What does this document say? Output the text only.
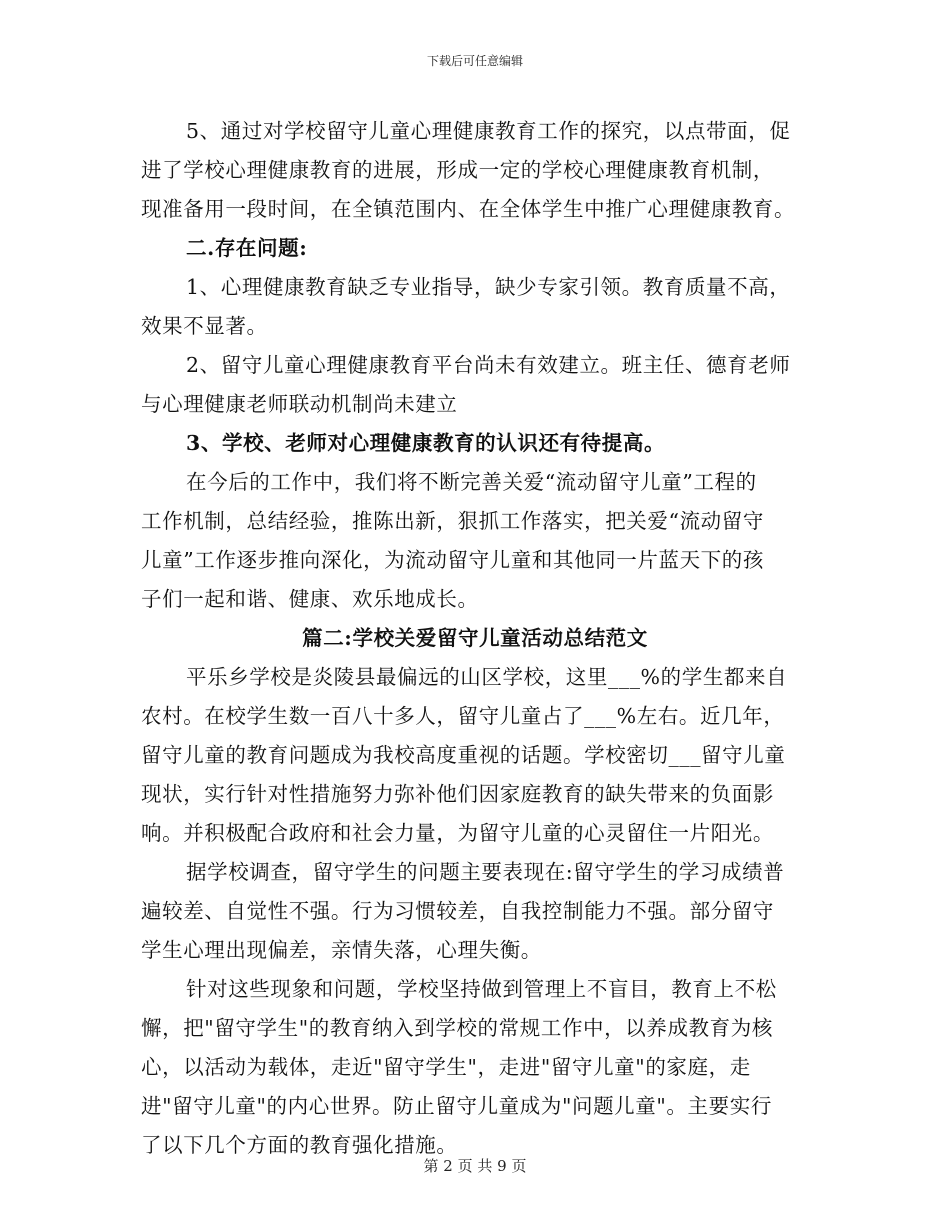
下载后可任意编辑
5、通过对学校留守儿童心理健康教育工作的探究，以点带面，促
进了学校心理健康教育的进展，形成一定的学校心理健康教育机制，
现准备用一段时间，在全镇范围内、在全体学生中推广心理健康教育。
二.存在问题:
1、心理健康教育缺乏专业指导，缺少专家引领。教育质量不高，
效果不显著。
2、留守儿童心理健康教育平台尚未有效建立。班主任、德育老师
与心理健康老师联动机制尚未建立
3、学校、老师对心理健康教育的认识还有待提高。
在今后的工作中，我们将不断完善关爱“流动留守儿童”工程的
工作机制，总结经验，推陈出新，狠抓工作落实，把关爱“流动留守
儿童”工作逐步推向深化，为流动留守儿童和其他同一片蓝天下的孩
子们一起和谐、健康、欢乐地成长。
篇二:学校关爱留守儿童活动总结范文
平乐乡学校是炎陵县最偏远的山区学校，这里___%的学生都来自
农村。在校学生数一百八十多人，留守儿童占了___%左右。近几年，
留守儿童的教育问题成为我校高度重视的话题。学校密切___留守儿童
现状，实行针对性措施努力弥补他们因家庭教育的缺失带来的负面影
响。并积极配合政府和社会力量，为留守儿童的心灵留住一片阳光。
据学校调查，留守学生的问题主要表现在:留守学生的学习成绩普
遍较差、自觉性不强。行为习惯较差，自我控制能力不强。部分留守
学生心理出现偏差，亲情失落，心理失衡。
针对这些现象和问题，学校坚持做到管理上不盲目，教育上不松
懈，把"留守学生"的教育纳入到学校的常规工作中，以养成教育为核
心，以活动为载体，走近"留守学生"，走进"留守儿童"的家庭，走
进"留守儿童"的内心世界。防止留守儿童成为"问题儿童"。主要实行
了以下几个方面的教育强化措施。
第 2 页 共 9 页
